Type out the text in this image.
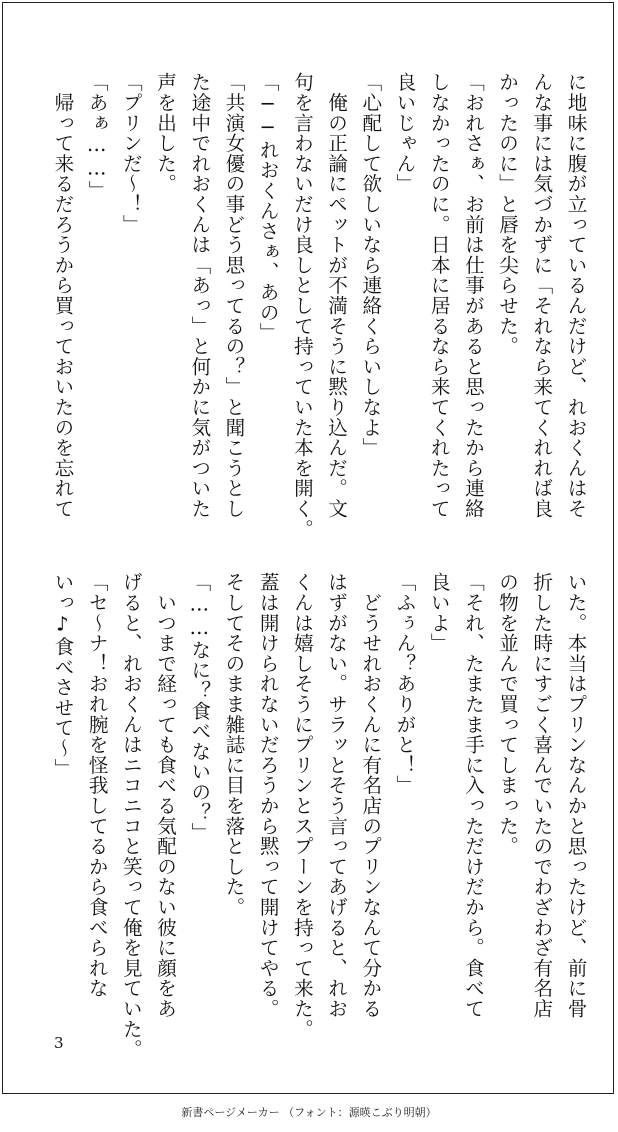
に地味に腹が立っているんだけど、れおくんはそ

んな事には気づかずに「それなら来てくれれば良

かったのに」と唇を尖らせた。

「おれさぁ、お前は仕事があると思ったから連絡

しなかったのに。日本に居るなら来てくれたって

良いじゃん」

「心配して欲しいなら連絡くらいしなよ」

　俺の正論にペットが不満そうに黙り込んだ。文

句を言わないだけ良しとして持っていた本を開く。

「──れおくんさぁ、あの」

「共演女優の事どう思ってるの？」と聞こうとし

た途中でれおくんは「あっ」と何かに気がついた

声を出した。

「プリンだ〜！」

「あぁ……」

　帰って来るだろうから買っておいたのを忘れて

いた。本当はプリンなんかと思ったけど、前に骨

折した時にすごく喜んでいたのでわざわざ有名店

の物を並んで買ってしまった。

「それ、たまたま手に入っただけだから。食べて

良いよ」

「ふぅん？ありがと！」

　どうせれおくんに有名店のプリンなんて分かる

はずがない。サラッとそう言ってあげると、れお

くんは嬉しそうにプリンとスプーンを持って来た。

蓋は開けられないだろうから黙って開けてやる。

そしてそのまま雑誌に目を落とした。

「……なに？食べないの？」

　いつまで経っても食べる気配のない彼に顔をあ

げると、れおくんはニコニコと笑って俺を見ていた。

「セ〜ナ！おれ腕を怪我してるから食べられな

いっ♪食べさせて〜」

3
新書ページメーカー （フォント：源暎こぶり明朝）
